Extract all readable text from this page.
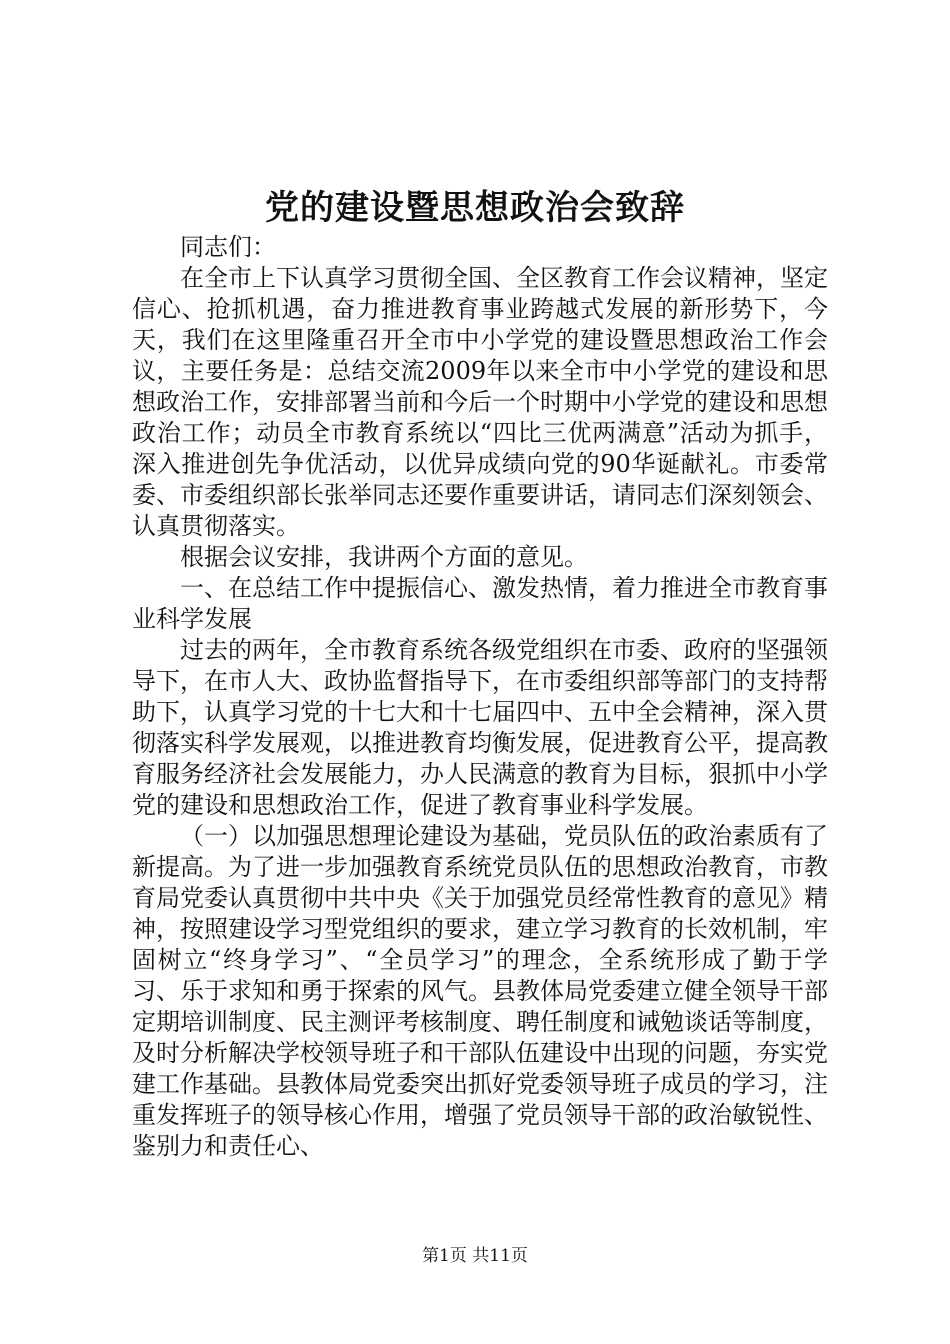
党的建设暨思想政治会致辞

同志们：

在全市上下认真学习贯彻全国、全区教育工作会议精神，坚定信心、抢抓机遇，奋力推进教育事业跨越式发展的新形势下，今天，我们在这里隆重召开全市中小学党的建设暨思想政治工作会议，主要任务是：总结交流2009年以来全市中小学党的建设和思想政治工作，安排部署当前和今后一个时期中小学党的建设和思想政治工作；动员全市教育系统以“四比三优两满意”活动为抓手，深入推进创先争优活动，以优异成绩向党的90华诞献礼。市委常委、市委组织部长张举同志还要作重要讲话，请同志们深刻领会、认真贯彻落实。

根据会议安排，我讲两个方面的意见。

一、在总结工作中提振信心、激发热情，着力推进全市教育事业科学发展

过去的两年，全市教育系统各级党组织在市委、政府的坚强领导下，在市人大、政协监督指导下，在市委组织部等部门的支持帮助下，认真学习党的十七大和十七届四中、五中全会精神，深入贯彻落实科学发展观，以推进教育均衡发展，促进教育公平，提高教育服务经济社会发展能力，办人民满意的教育为目标，狠抓中小学党的建设和思想政治工作，促进了教育事业科学发展。

（一）以加强思想理论建设为基础，党员队伍的政治素质有了新提高。为了进一步加强教育系统党员队伍的思想政治教育，市教育局党委认真贯彻中共中央《关于加强党员经常性教育的意见》精神，按照建设学习型党组织的要求，建立学习教育的长效机制，牢固树立“终身学习”、“全员学习”的理念，全系统形成了勤于学习、乐于求知和勇于探索的风气。县教体局党委建立健全领导干部定期培训制度、民主测评考核制度、聘任制度和诫勉谈话等制度，及时分析解决学校领导班子和干部队伍建设中出现的问题，夯实党建工作基础。县教体局党委突出抓好党委领导班子成员的学习，注重发挥班子的领导核心作用，增强了党员领导干部的政治敏锐性、鉴别力和责任心、

第1页 共11页
